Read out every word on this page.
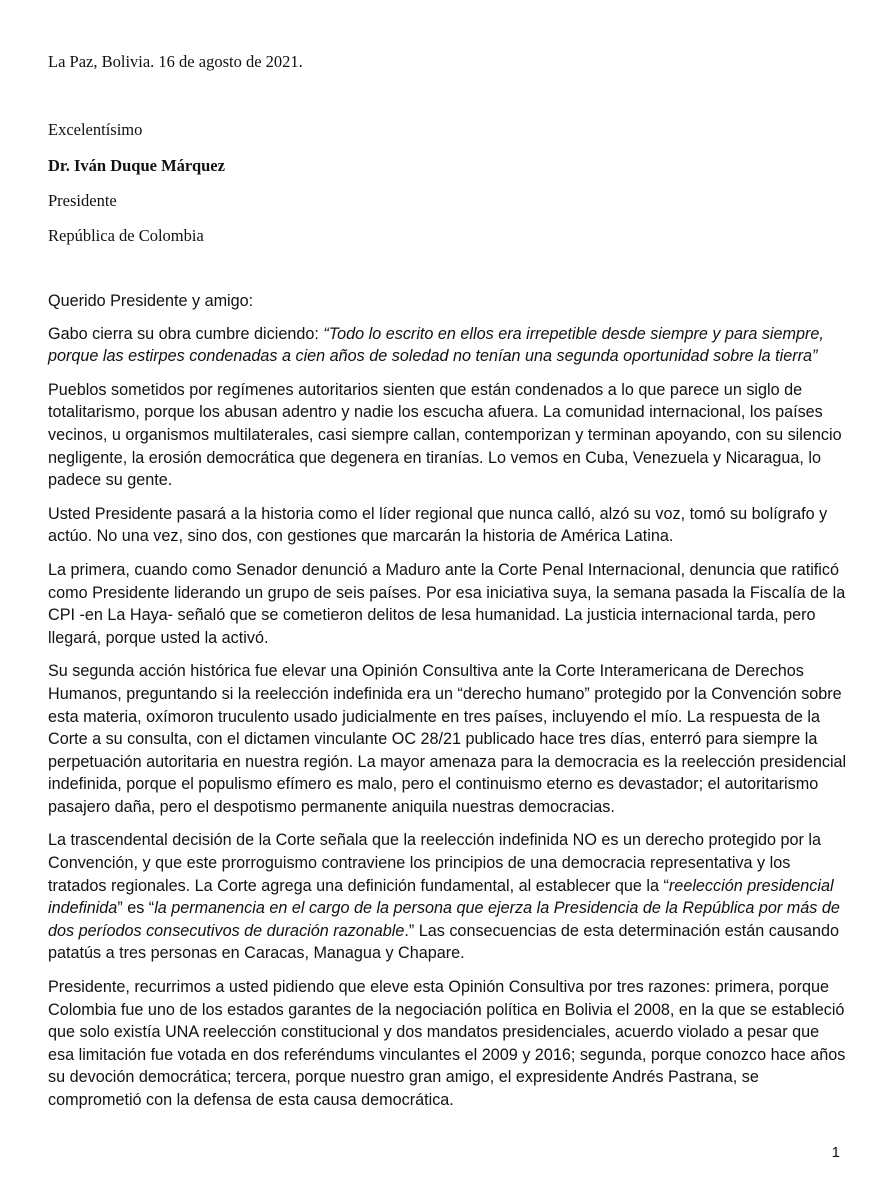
La Paz, Bolivia. 16 de agosto de 2021.
Excelentísimo
Dr. Iván Duque Márquez
Presidente
República de Colombia

Querido Presidente y amigo:

Gabo cierra su obra cumbre diciendo: “Todo lo escrito en ellos era irrepetible desde siempre y para siempre, porque las estirpes condenadas a cien años de soledad no tenían una segunda oportunidad sobre la tierra”

Pueblos sometidos por regímenes autoritarios sienten que están condenados a lo que parece un siglo de totalitarismo, porque los abusan adentro y nadie los escucha afuera. La comunidad internacional, los países vecinos, u organismos multilaterales, casi siempre callan, contemporizan y terminan apoyando, con su silencio negligente, la erosión democrática que degenera en tiranías. Lo vemos en Cuba, Venezuela y Nicaragua, lo padece su gente.

Usted Presidente pasará a la historia como el líder regional que nunca calló, alzó su voz, tomó su bolígrafo y actúo. No una vez, sino dos, con gestiones que marcarán la historia de América Latina.

La primera, cuando como Senador denunció a Maduro ante la Corte Penal Internacional, denuncia que ratificó como Presidente liderando un grupo de seis países. Por esa iniciativa suya, la semana pasada la Fiscalía de la CPI -en La Haya- señaló que se cometieron delitos de lesa humanidad. La justicia internacional tarda, pero llegará, porque usted la activó.

Su segunda acción histórica fue elevar una Opinión Consultiva ante la Corte Interamericana de Derechos Humanos, preguntando si la reelección indefinida era un “derecho humano” protegido por la Convención sobre esta materia, oxímoron truculento usado judicialmente en tres países, incluyendo el mío. La respuesta de la Corte a su consulta, con el dictamen vinculante OC 28/21 publicado hace tres días, enterró para siempre la perpetuación autoritaria en nuestra región. La mayor amenaza para la democracia es la reelección presidencial indefinida, porque el populismo efímero es malo, pero el continuismo eterno es devastador; el autoritarismo pasajero daña, pero el despotismo permanente aniquila nuestras democracias.

La trascendental decisión de la Corte señala que la reelección indefinida NO es un derecho protegido por la Convención, y que este prorroguismo contraviene los principios de una democracia representativa y los tratados regionales. La Corte agrega una definición fundamental, al establecer que la “reelección presidencial indefinida” es “la permanencia en el cargo de la persona que ejerza la Presidencia de la República por más de dos períodos consecutivos de duración razonable.” Las consecuencias de esta determinación están causando patatús a tres personas en Caracas, Managua y Chapare.

Presidente, recurrimos a usted pidiendo que eleve esta Opinión Consultiva por tres razones: primera, porque Colombia fue uno de los estados garantes de la negociación política en Bolivia el 2008, en la que se estableció que solo existía UNA reelección constitucional y dos mandatos presidenciales, acuerdo violado a pesar que esa limitación fue votada en dos referéndums vinculantes el 2009 y 2016; segunda, porque conozco hace años su devoción democrática; tercera, porque nuestro gran amigo, el expresidente Andrés Pastrana, se comprometió con la defensa de esta causa democrática.

1
